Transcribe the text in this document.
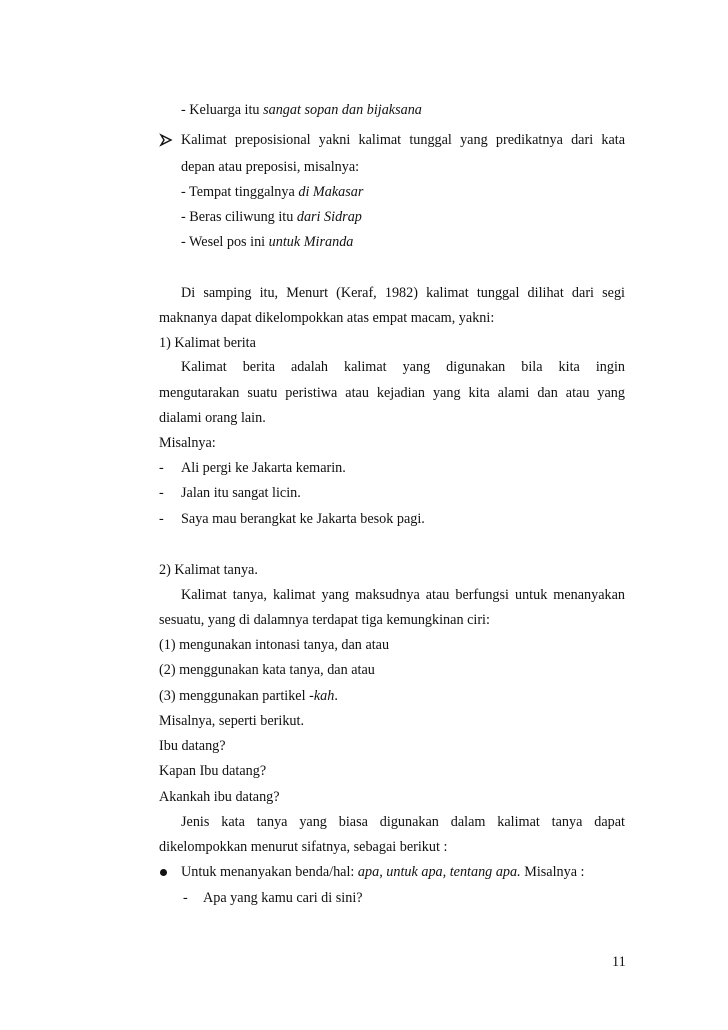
- Keluarga itu sangat sopan dan bijaksana
Kalimat preposisional yakni kalimat tunggal yang predikatnya dari kata
depan atau preposisi, misalnya:
- Tempat tinggalnya di Makasar
- Beras ciliwung itu dari Sidrap
- Wesel pos ini untuk Miranda
Di samping itu, Menurt (Keraf, 1982) kalimat tunggal dilihat dari segi
maknanya dapat dikelompokkan atas empat macam, yakni:
1) Kalimat berita
Kalimat berita adalah kalimat yang digunakan bila kita ingin
mengutarakan suatu peristiwa atau kejadian yang kita alami dan atau yang
dialami orang lain.
Misalnya:
- Ali pergi ke Jakarta kemarin.
- Jalan itu sangat licin.
- Saya mau berangkat ke Jakarta besok pagi.
2) Kalimat tanya.
Kalimat tanya, kalimat yang maksudnya atau berfungsi untuk menanyakan
sesuatu, yang di dalamnya terdapat tiga kemungkinan ciri:
(1) mengunakan intonasi tanya, dan atau
(2) menggunakan kata tanya, dan atau
(3) menggunakan partikel -kah.
Misalnya, seperti berikut.
Ibu datang?
Kapan Ibu datang?
Akankah ibu datang?
Jenis kata tanya yang biasa digunakan dalam kalimat tanya dapat
dikelompokkan menurut sifatnya, sebagai berikut :
Untuk menanyakan benda/hal: apa, untuk apa, tentang apa. Misalnya :
- Apa yang kamu cari di sini?
11
